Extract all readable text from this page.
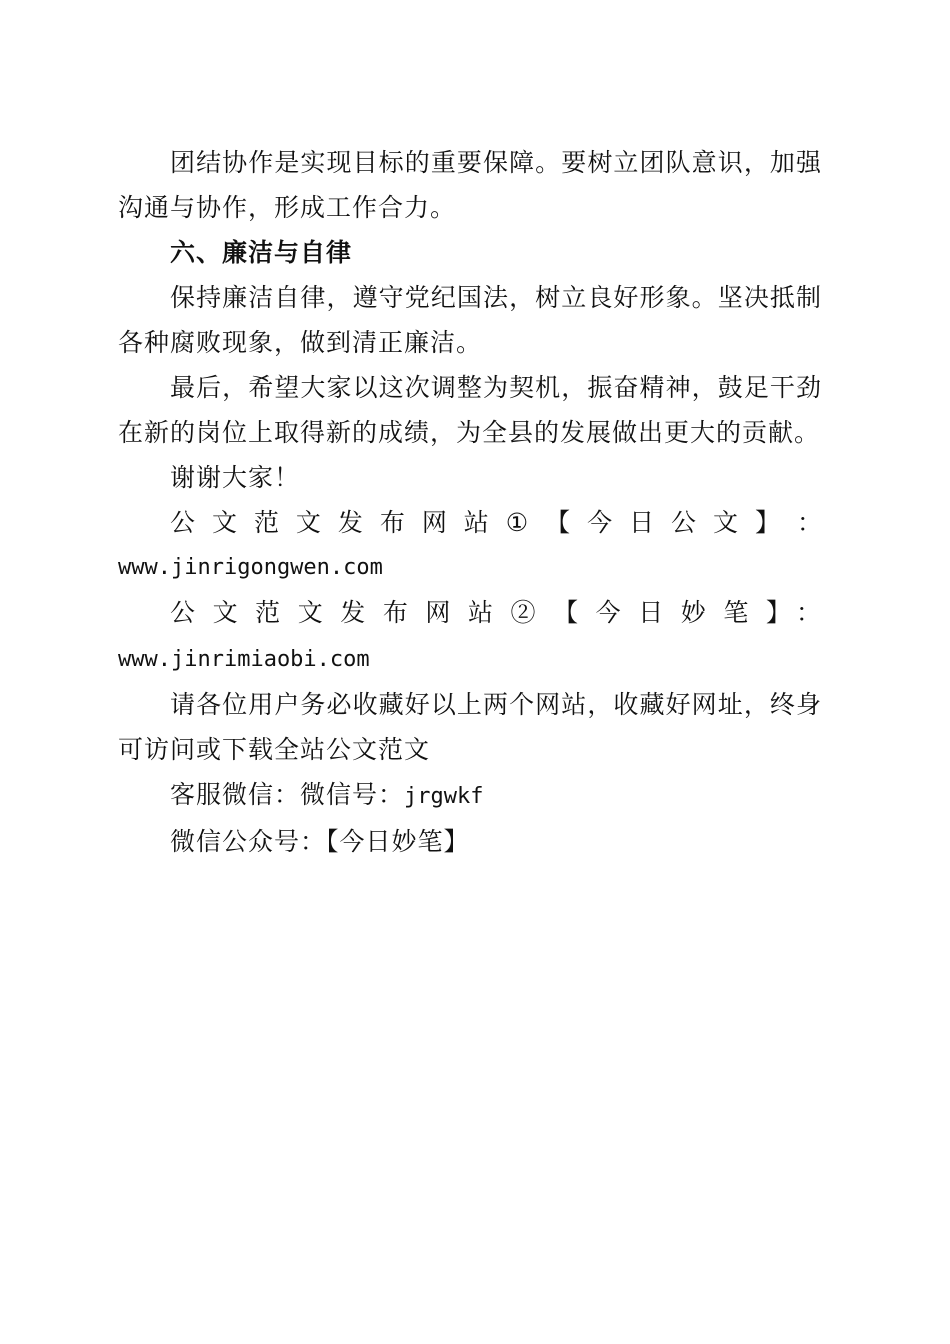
团结协作是实现目标的重要保障。要树立团队意识，加强沟通与协作，形成工作合力。

六、廉洁与自律

保持廉洁自律，遵守党纪国法，树立良好形象。坚决抵制各种腐败现象，做到清正廉洁。

最后，希望大家以这次调整为契机，振奋精神，鼓足干劲在新的岗位上取得新的成绩，为全县的发展做出更大的贡献。

谢谢大家！

公 文 范 文 发 布 网 站 ① 【 今 日 公 文 】 ：

www.jinrigongwen.com

公文范文发布网站②【今日妙笔】：www.jinrimiaobi.com

请各位用户务必收藏好以上两个网站，收藏好网址，终身可访问或下载全站公文范文

客服微信：微信号：jrgwkf

微信公众号：【今日妙笔】
